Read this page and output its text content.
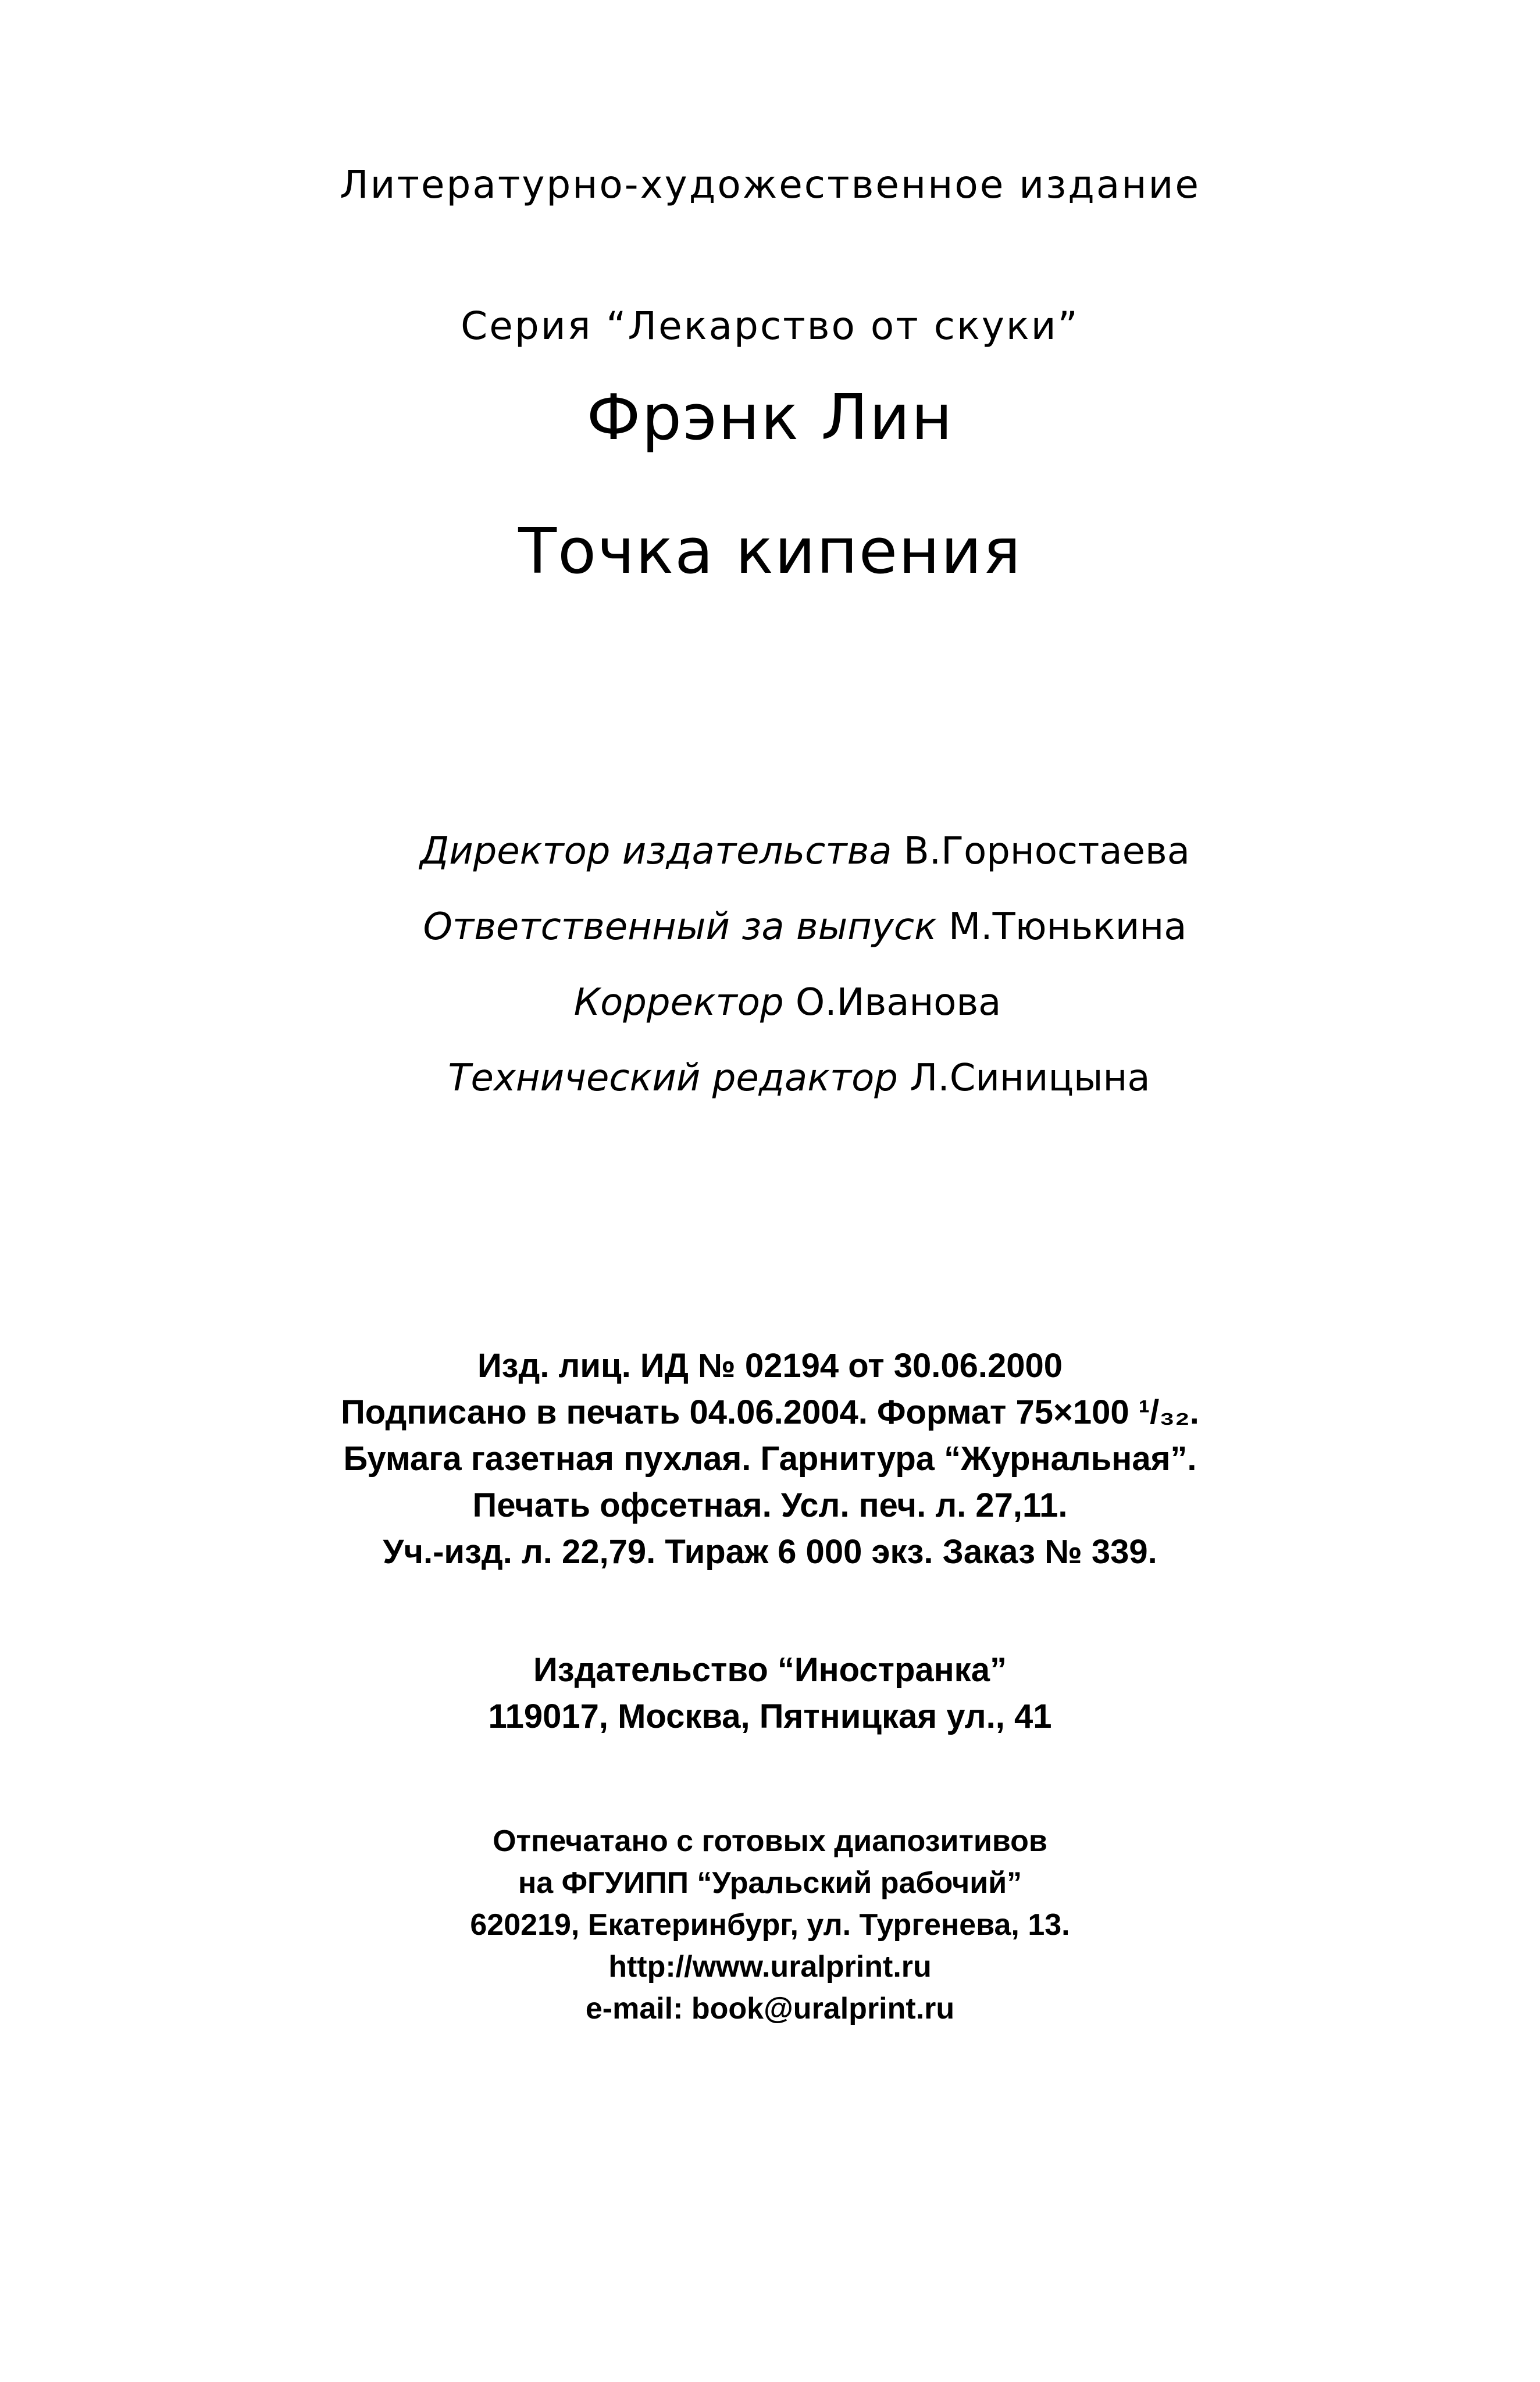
Литературно-художественное издание
Серия “Лекарство от скуки”
Фрэнк Лин
Точка кипения
Директор издательства В.Горностаева
Ответственный за выпуск М.Тюнькина
Корректор О.Иванова
Технический редактор Л.Синицына
Изд. лиц. ИД № 02194 от 30.06.2000
Подписано в печать 04.06.2004. Формат 75×100 ¹/₃₂.
Бумага газетная пухлая. Гарнитура “Журнальная”.
Печать офсетная. Усл. печ. л. 27,11.
Уч.-изд. л. 22,79. Тираж 6 000 экз. Заказ № 339.
Издательство “Иностранка”
119017, Москва, Пятницкая ул., 41
Отпечатано с готовых диапозитивов
на ФГУИПП “Уральский рабочий”
620219, Екатеринбург, ул. Тургенева, 13.
http://www.uralprint.ru
e-mail: book@uralprint.ru
